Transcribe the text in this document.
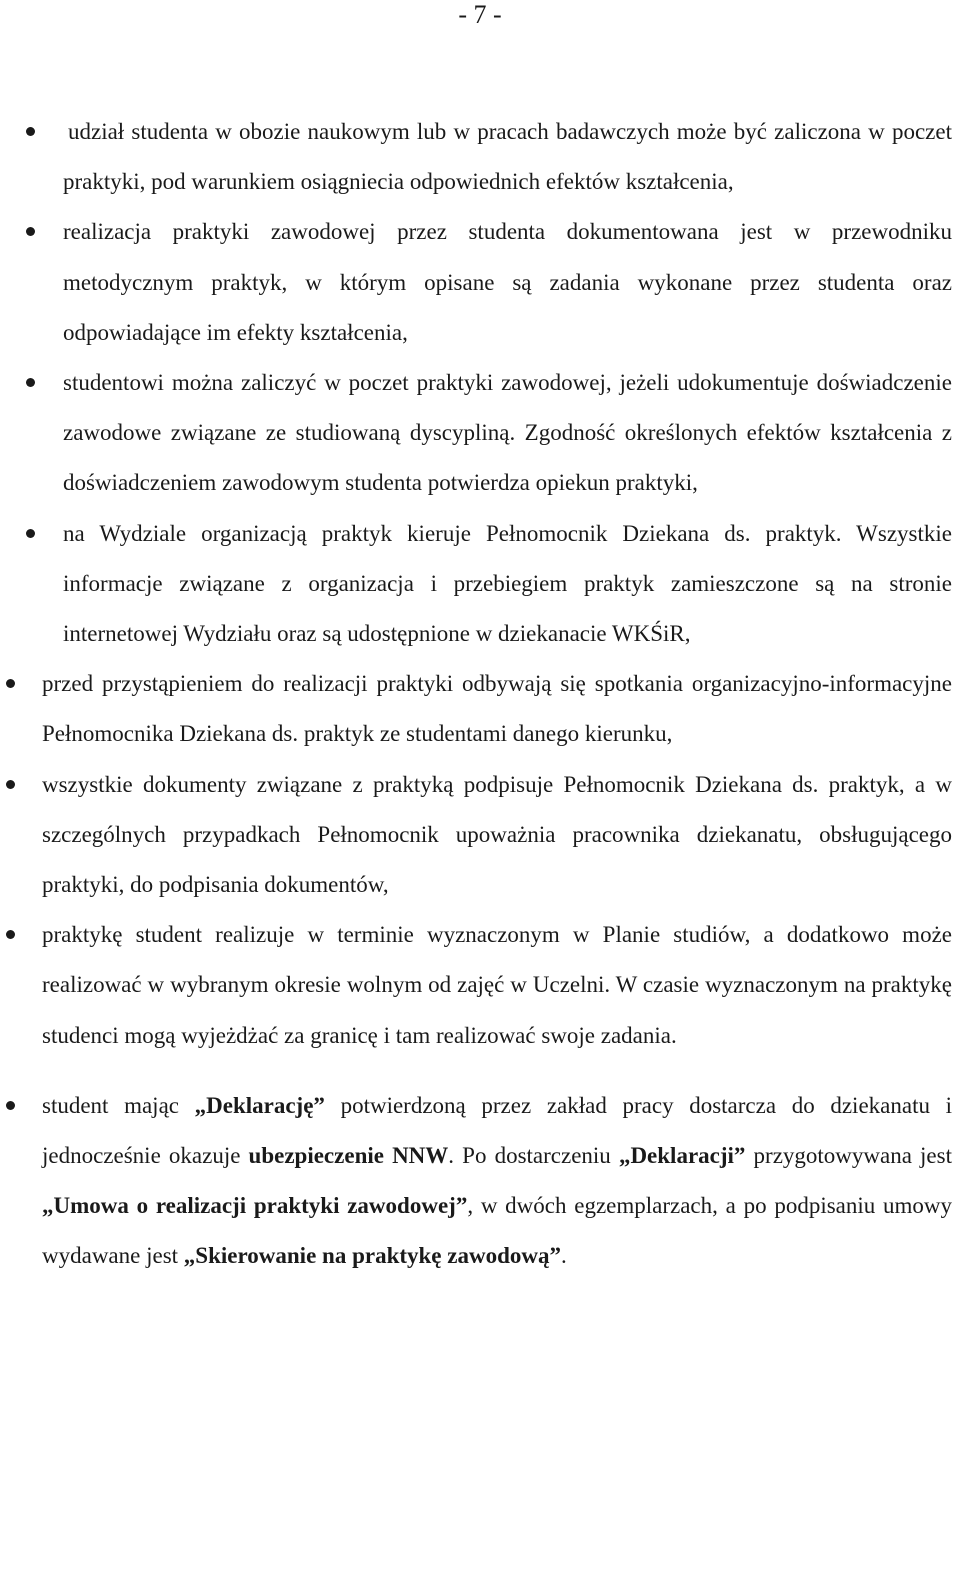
- 7 -
udział studenta w obozie naukowym lub w pracach badawczych może być zaliczona w poczet praktyki, pod warunkiem osiągniecia odpowiednich efektów kształcenia,
realizacja praktyki zawodowej przez studenta dokumentowana jest w przewodniku metodycznym praktyk, w którym opisane są zadania wykonane przez studenta oraz odpowiadające im efekty kształcenia,
studentowi można zaliczyć w poczet praktyki zawodowej, jeżeli udokumentuje doświadczenie zawodowe związane ze studiowaną dyscypliną. Zgodność określonych efektów kształcenia z doświadczeniem zawodowym studenta potwierdza opiekun praktyki,
na Wydziale organizacją praktyk kieruje Pełnomocnik Dziekana ds. praktyk. Wszystkie informacje związane z organizacja i przebiegiem praktyk zamieszczone są na stronie internetowej Wydziału oraz są udostępnione w dziekanacie WKŚiR,
przed przystąpieniem do realizacji praktyki odbywają się spotkania organizacyjno-informacyjne Pełnomocnika Dziekana ds. praktyk ze studentami danego kierunku,
wszystkie dokumenty związane z praktyką podpisuje Pełnomocnik Dziekana ds. praktyk, a w szczególnych przypadkach Pełnomocnik upoważnia pracownika dziekanatu, obsługującego praktyki, do podpisania dokumentów,
praktykę student realizuje w terminie wyznaczonym w Planie studiów, a dodatkowo może realizować w wybranym okresie wolnym od zajęć w Uczelni. W czasie wyznaczonym na praktykę studenci mogą wyjeżdżać za granicę i tam realizować swoje zadania.
student mając „Deklarację” potwierdzoną przez zakład pracy dostarcza do dziekanatu i jednocześnie okazuje ubezpieczenie NNW. Po dostarczeniu „Deklaracji” przygotowywana jest „Umowa o realizacji praktyki zawodowej”, w dwóch egzemplarzach, a po podpisaniu umowy wydawane jest „Skierowanie na praktykę zawodową”.
